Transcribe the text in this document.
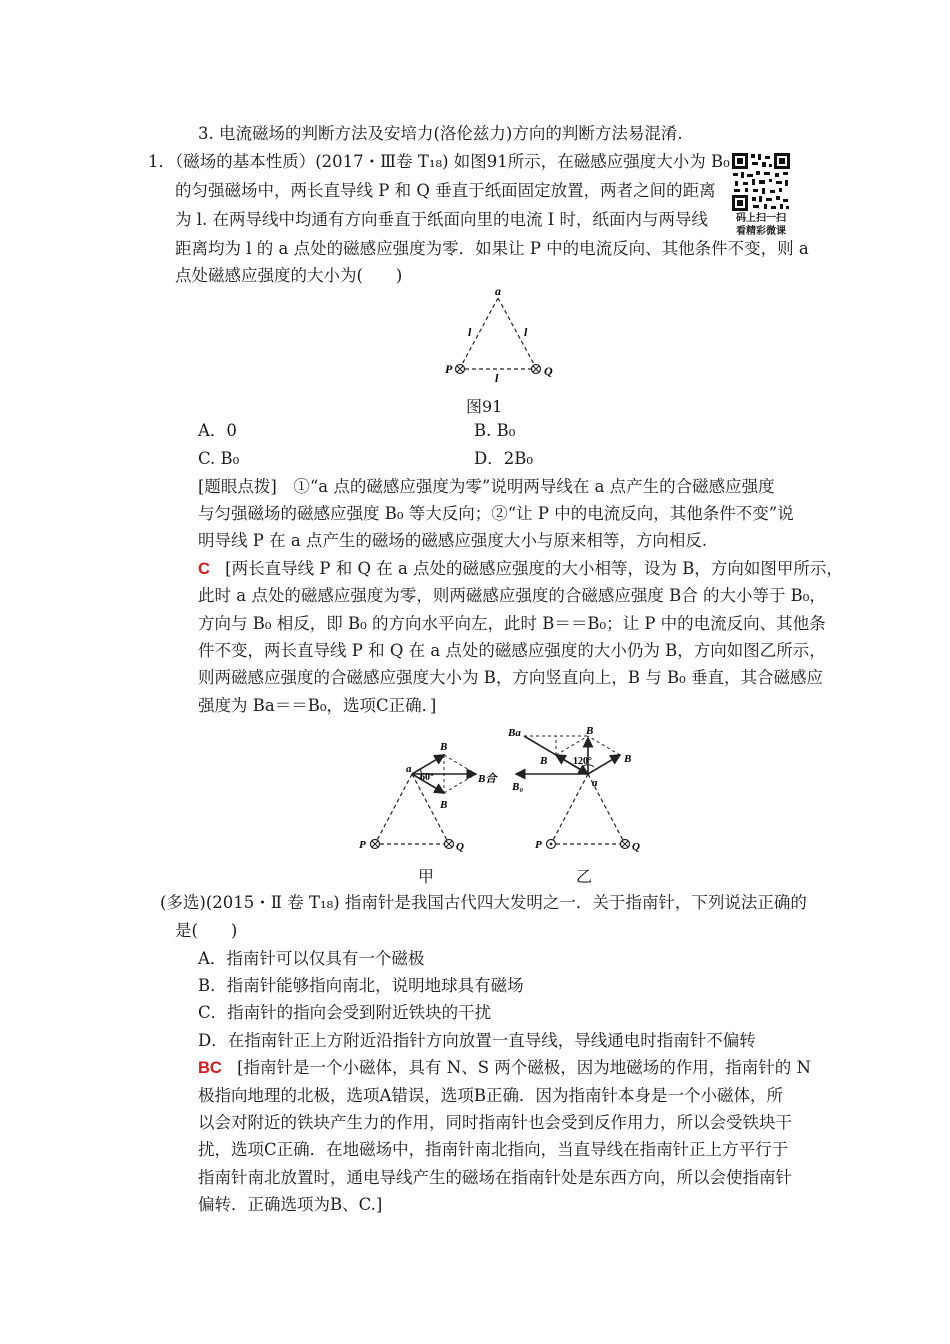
3. 电流磁场的判断方法及安培力(洛伦兹力)方向的判断方法易混淆.
1．（磁场的基本性质）(2017・Ⅲ卷 T₁₈) 如图91所示，在磁感应强度大小为 B₀
的匀强磁场中，两长直导线 P 和 Q 垂直于纸面固定放置，两者之间的距离
为 l. 在两导线中均通有方向垂直于纸面向里的电流 I 时，纸面内与两导线
距离均为 l 的 a 点处的磁感应强度为零．如果让 P 中的电流反向、其他条件不变，则 a
点处磁感应强度的大小为(　　)
码上扫一扫
看精彩微课
a
l	l
l
P	Q
图91
A．0	B. B₀
C. B₀	D．2B₀
[题眼点拨]　①“a 点的磁感应强度为零”说明两导线在 a 点产生的合磁感应强度
与匀强磁场的磁感应强度 B₀ 等大反向；②“让 P 中的电流反向，其他条件不变”说
明导线 P 在 a 点产生的磁场的磁感应强度大小与原来相等，方向相反.
C [两长直导线 P 和 Q 在 a 点处的磁感应强度的大小相等，设为 B，方向如图甲所示，
此时 a 点处的磁感应强度为零，则两磁感应强度的合磁感应强度 B合 的大小等于 B₀，
方向与 B₀ 相反，即 B₀ 的方向水平向左，此时 B＝＝B₀；让 P 中的电流反向、其他条
件不变，两长直导线 P 和 Q 在 a 点处的磁感应强度的大小仍为 B，方向如图乙所示，
则两磁感应强度的合磁感应强度大小为 B，方向竖直向上，B 与 B₀ 垂直，其合磁感应
强度为 Ba＝＝B₀，选项C正确．]
a
60°
B
B
B合
P	Q
Ba	B
B	120°	B
B₀	a
P	Q
甲	乙
(多选)(2015・Ⅱ 卷 T₁₈) 指南针是我国古代四大发明之一．关于指南针，下列说法正确的
是(　　)
A．指南针可以仅具有一个磁极
B．指南针能够指向南北，说明地球具有磁场
C．指南针的指向会受到附近铁块的干扰
D．在指南针正上方附近沿指针方向放置一直导线，导线通电时指南针不偏转
BC [指南针是一个小磁体，具有 N、S 两个磁极，因为地磁场的作用，指南针的 N
极指向地理的北极，选项A错误，选项B正确．因为指南针本身是一个小磁体，所
以会对附近的铁块产生力的作用，同时指南针也会受到反作用力，所以会受铁块干
扰，选项C正确．在地磁场中，指南针南北指向，当直导线在指南针正上方平行于
指南针南北放置时，通电导线产生的磁场在指南针处是东西方向，所以会使指南针
偏转．正确选项为B、C.]
